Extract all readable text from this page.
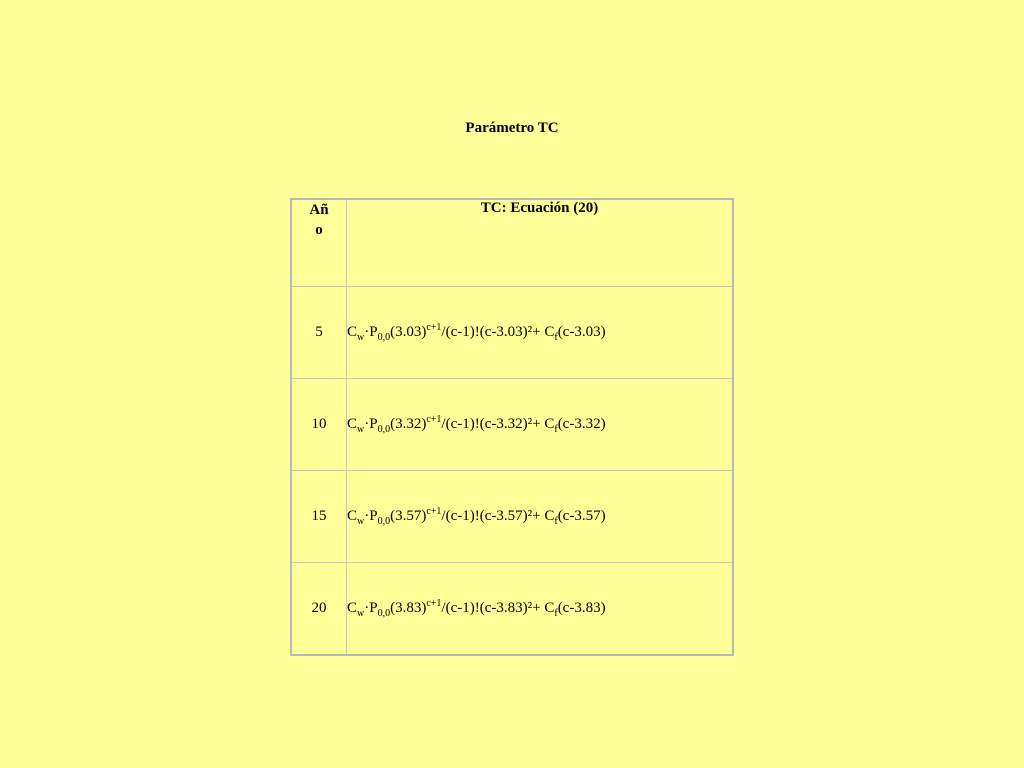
Parámetro TC
Añ
o	TC: Ecuación (20)
5	$C_w\cdot P_{0,0}(3.03)^{c+1}/(c-1)!(c-3.03)^2+ C_f(c-3.03)$
10	$C_w\cdot P_{0,0}(3.32)^{c+1}/(c-1)!(c-3.32)^2+ C_f(c-3.32)$
15	$C_w\cdot P_{0,0}(3.57)^{c+1}/(c-1)!(c-3.57)^2+ C_f(c-3.57)$
20	$C_w\cdot P_{0,0}(3.83)^{c+1}/(c-1)!(c-3.83)^2+ C_f(c-3.83)$
